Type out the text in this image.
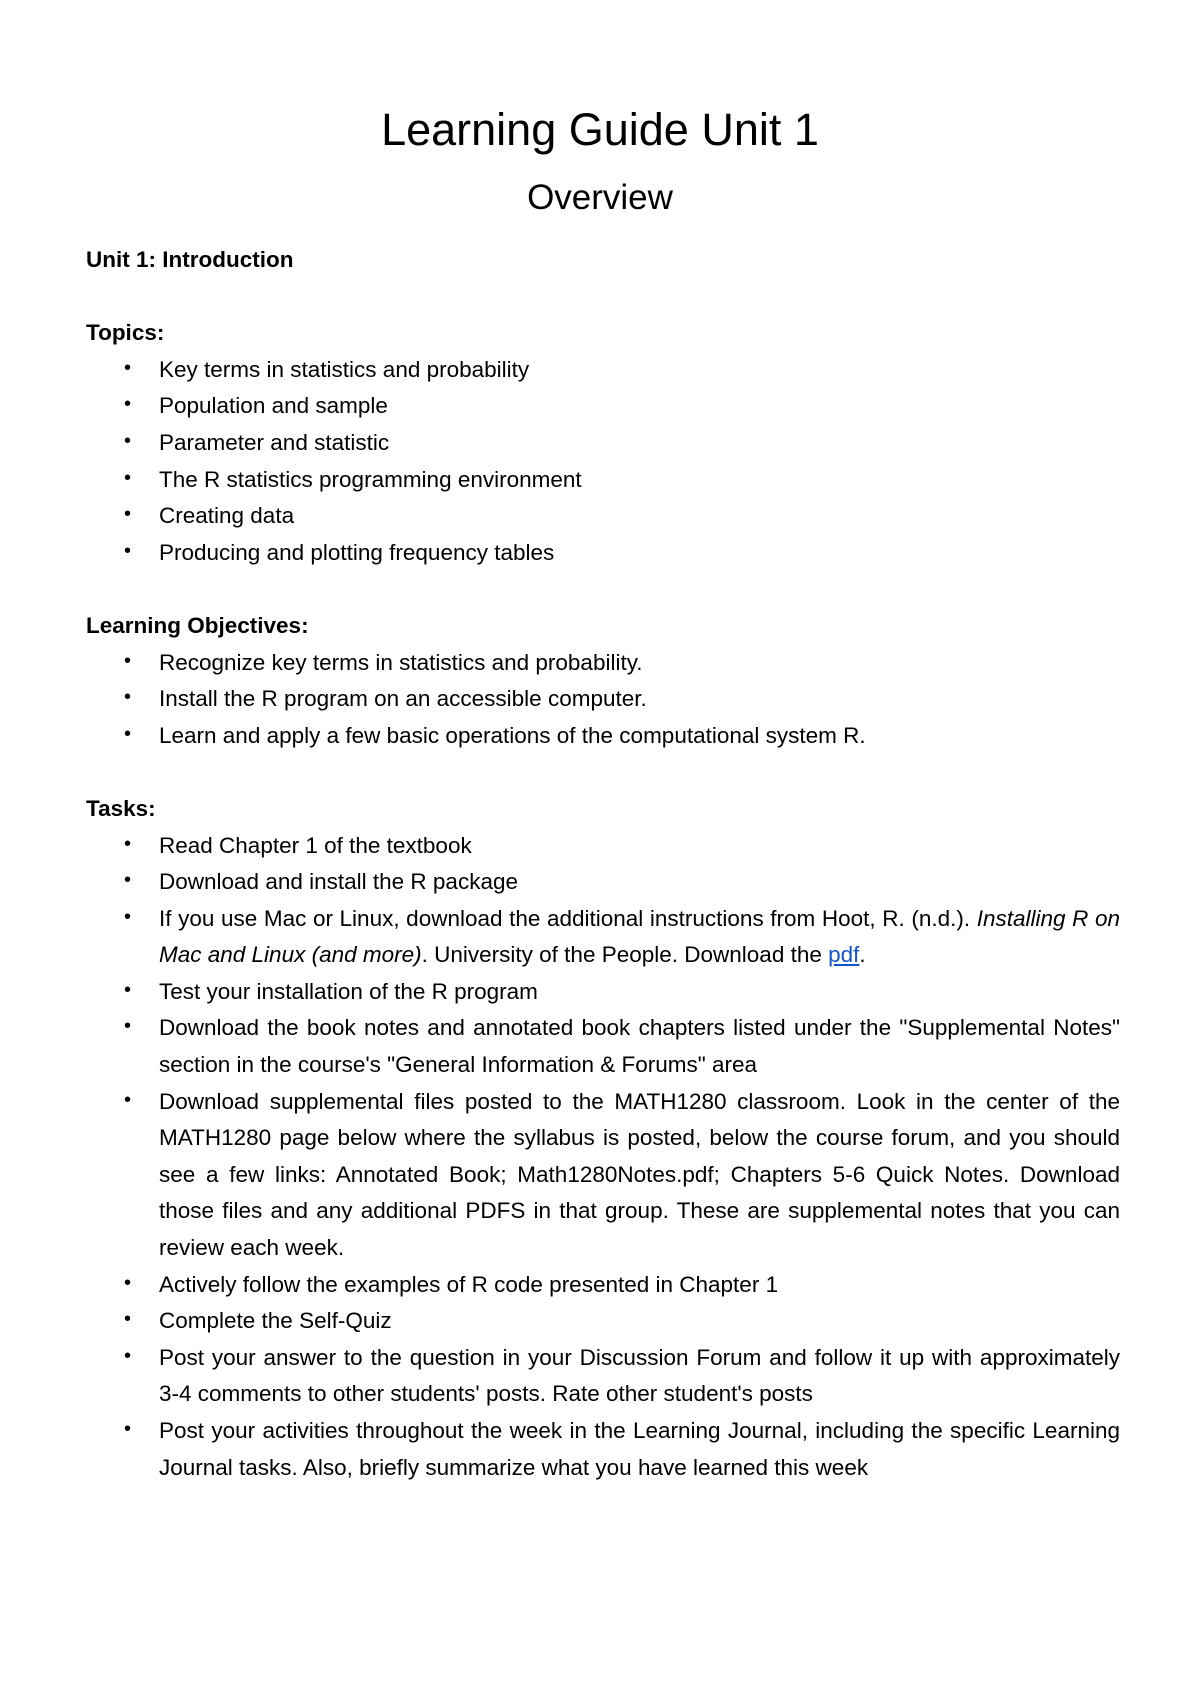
Learning Guide Unit 1
Overview

Unit 1: Introduction

Topics:

• Key terms in statistics and probability
• Population and sample
• Parameter and statistic
• The R statistics programming environment
• Creating data
• Producing and plotting frequency tables

Learning Objectives:

• Recognize key terms in statistics and probability.
• Install the R program on an accessible computer.
• Learn and apply a few basic operations of the computational system R.

Tasks:

• Read Chapter 1 of the textbook
• Download and install the R package
• If you use Mac or Linux, download the additional instructions from Hoot, R. (n.d.). Installing R on Mac and Linux (and more). University of the People. Download the pdf.
• Test your installation of the R program
• Download the book notes and annotated book chapters listed under the "Supplemental Notes" section in the course's "General Information & Forums" area
• Download supplemental files posted to the MATH1280 classroom. Look in the center of the MATH1280 page below where the syllabus is posted, below the course forum, and you should see a few links: Annotated Book; Math1280Notes.pdf; Chapters 5-6 Quick Notes. Download those files and any additional PDFS in that group. These are supplemental notes that you can review each week.
• Actively follow the examples of R code presented in Chapter 1
• Complete the Self-Quiz
• Post your answer to the question in your Discussion Forum and follow it up with approximately 3-4 comments to other students' posts. Rate other student's posts
• Post your activities throughout the week in the Learning Journal, including the specific Learning Journal tasks. Also, briefly summarize what you have learned this week
